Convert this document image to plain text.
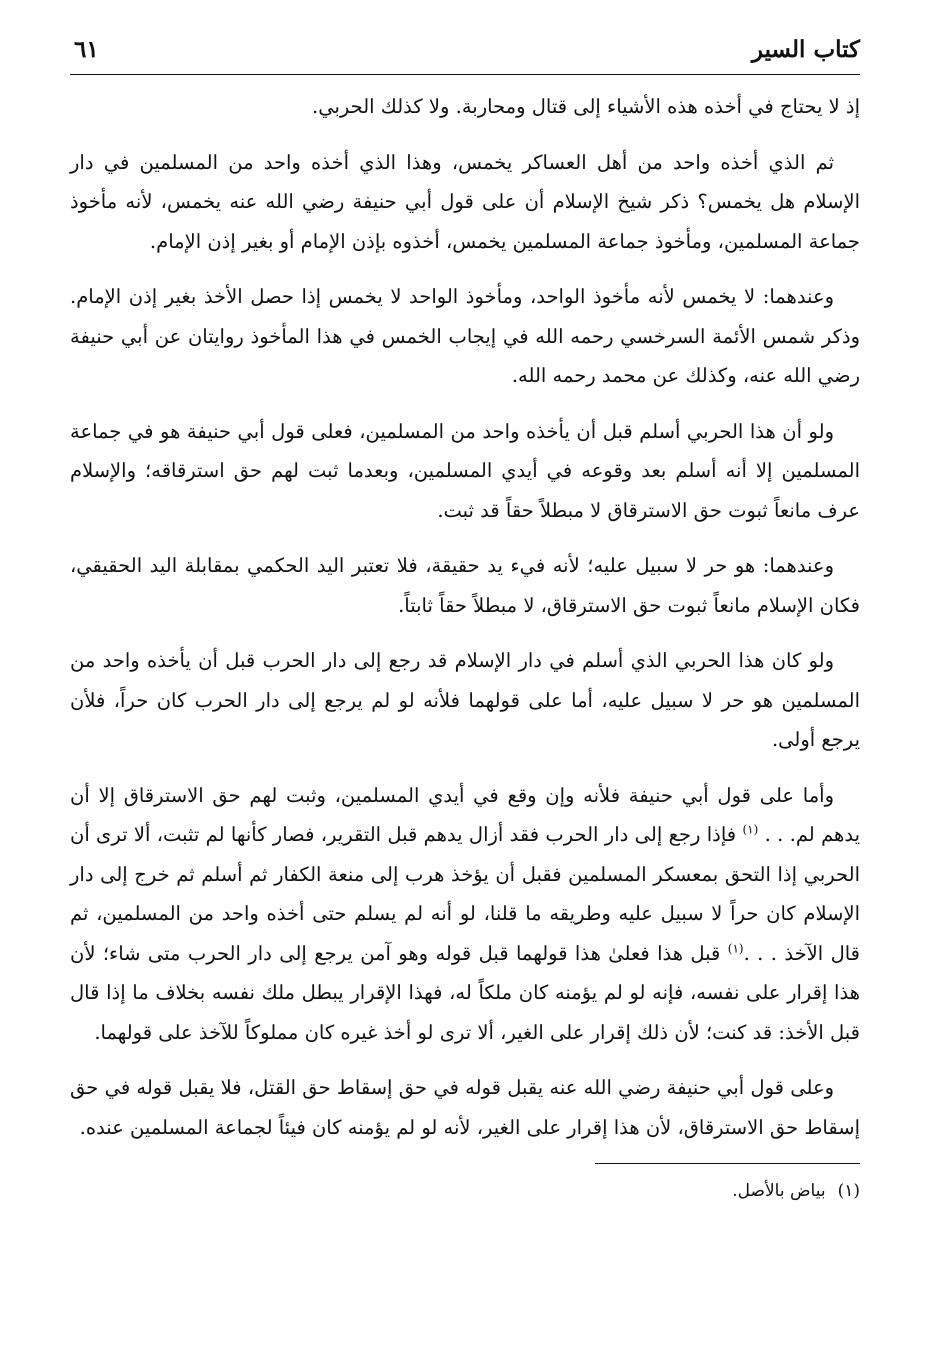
كتاب السير
٦١

إذ لا يحتاج في أخذه هذه الأشياء إلى قتال ومحاربة. ولا كذلك الحربي.

ثم الذي أخذه واحد من أهل العساكر يخمس، وهذا الذي أخذه واحد من المسلمين في دار الإسلام هل يخمس؟ ذكر شيخ الإسلام أن على قول أبي حنيفة رضي الله عنه يخمس، لأنه مأخوذ جماعة المسلمين، ومأخوذ جماعة المسلمين يخمس، أخذوه بإذن الإمام أو بغير إذن الإمام.

وعندهما: لا يخمس لأنه مأخوذ الواحد، ومأخوذ الواحد لا يخمس إذا حصل الأخذ بغير إذن الإمام. وذكر شمس الأئمة السرخسي رحمه الله في إيجاب الخمس في هذا المأخوذ روايتان عن أبي حنيفة رضي الله عنه، وكذلك عن محمد رحمه الله.

ولو أن هذا الحربي أسلم قبل أن يأخذه واحد من المسلمين، فعلى قول أبي حنيفة هو في جماعة المسلمين إلا أنه أسلم بعد وقوعه في أيدي المسلمين، وبعدما ثبت لهم حق استرقاقه؛ والإسلام عرف مانعاً ثبوت حق الاسترقاق لا مبطلاً حقاً قد ثبت.

وعندهما: هو حر لا سبيل عليه؛ لأنه فيء يد حقيقة، فلا تعتبر اليد الحكمي بمقابلة اليد الحقيقي، فكان الإسلام مانعاً ثبوت حق الاسترقاق، لا مبطلاً حقاً ثابتاً.

ولو كان هذا الحربي الذي أسلم في دار الإسلام قد رجع إلى دار الحرب قبل أن يأخذه واحد من المسلمين هو حر لا سبيل عليه، أما على قولهما فلأنه لو لم يرجع إلى دار الحرب كان حراً، فلأن يرجع أولى.

وأما على قول أبي حنيفة فلأنه وإن وقع في أيدي المسلمين، وثبت لهم حق الاسترقاق إلا أن يدهم لم. . . $^{(١)}$ فإذا رجع إلى دار الحرب فقد أزال يدهم قبل التقرير، فصار كأنها لم تثبت، ألا ترى أن الحربي إذا التحق بمعسكر المسلمين فقبل أن يؤخذ هرب إلى منعة الكفار ثم أسلم ثم خرج إلى دار الإسلام كان حراً لا سبيل عليه وطريقه ما قلنا، لو أنه لم يسلم حتى أخذه واحد من المسلمين، ثم قال الآخذ . . .$^{(١)}$ قبل هذا فعلىٰ هذا قولهما قبل قوله وهو آمن يرجع إلى دار الحرب متى شاء؛ لأن هذا إقرار على نفسه، فإنه لو لم يؤمنه كان ملكاً له، فهذا الإقرار يبطل ملك نفسه بخلاف ما إذا قال قبل الأخذ: قد كنت؛ لأن ذلك إقرار على الغير، ألا ترى لو أخذ غيره كان مملوكاً للآخذ على قولهما.

وعلى قول أبي حنيفة رضي الله عنه يقبل قوله في حق إسقاط حق القتل، فلا يقبل قوله في حق إسقاط حق الاسترقاق، لأن هذا إقرار على الغير، لأنه لو لم يؤمنه كان فيئاً لجماعة المسلمين عنده.

(١)بياض بالأصل.
